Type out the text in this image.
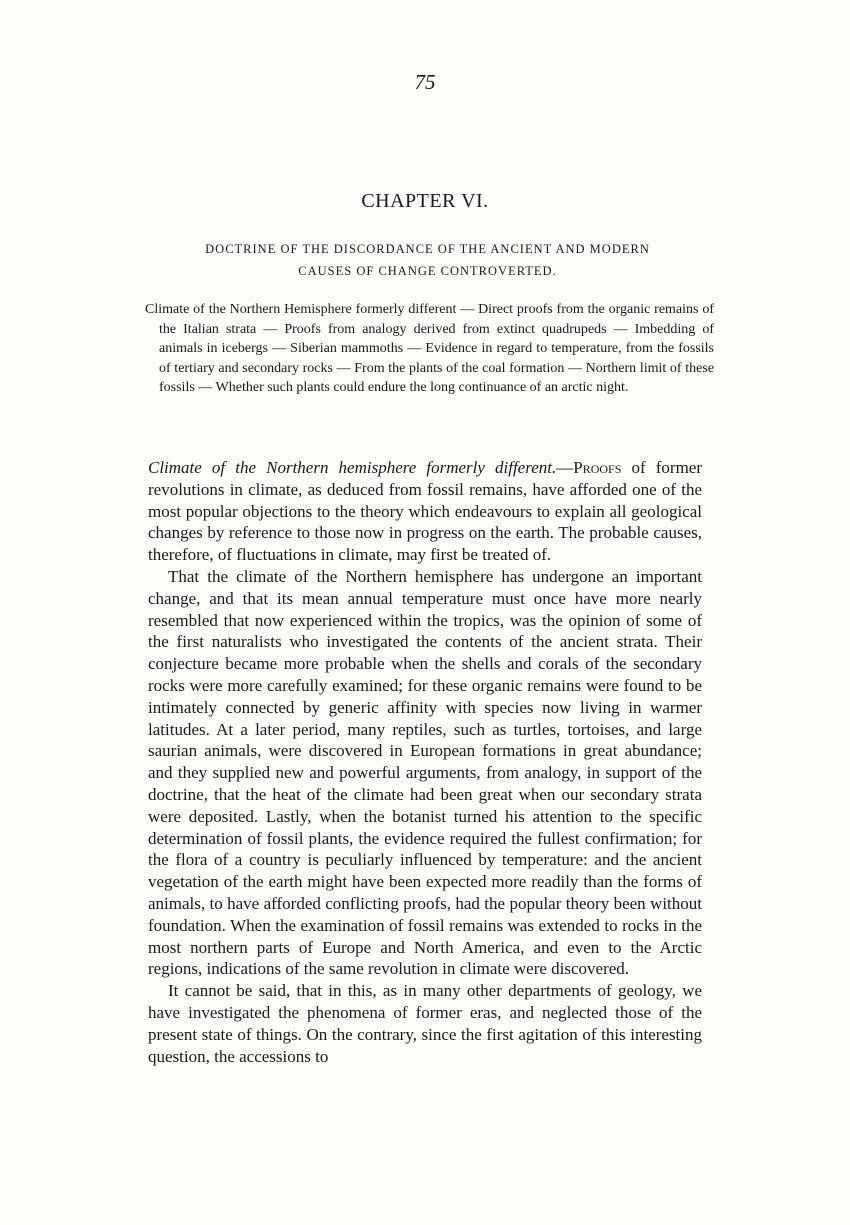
75
CHAPTER VI.
DOCTRINE OF THE DISCORDANCE OF THE ANCIENT AND MODERN
CAUSES OF CHANGE CONTROVERTED.
Climate of the Northern Hemisphere formerly different — Direct proofs from the organic remains of the Italian strata — Proofs from analogy derived from extinct quadrupeds — Imbedding of animals in icebergs — Siberian mammoths — Evidence in regard to temperature, from the fossils of tertiary and secondary rocks — From the plants of the coal formation — Northern limit of these fossils — Whether such plants could endure the long continuance of an arctic night.

Climate of the Northern hemisphere formerly different.—Proofs of former revolutions in climate, as deduced from fossil remains, have afforded one of the most popular objections to the theory which endeavours to explain all geological changes by reference to those now in progress on the earth. The probable causes, therefore, of fluctuations in climate, may first be treated of.

That the climate of the Northern hemisphere has undergone an important change, and that its mean annual temperature must once have more nearly resembled that now experienced within the tropics, was the opinion of some of the first naturalists who investigated the contents of the ancient strata. Their conjecture became more probable when the shells and corals of the secondary rocks were more carefully examined; for these organic remains were found to be intimately connected by generic affinity with species now living in warmer latitudes. At a later period, many reptiles, such as turtles, tortoises, and large saurian animals, were discovered in European formations in great abundance; and they supplied new and powerful arguments, from analogy, in support of the doctrine, that the heat of the climate had been great when our secondary strata were deposited. Lastly, when the botanist turned his attention to the specific determination of fossil plants, the evidence required the fullest confirmation; for the flora of a country is peculiarly influenced by temperature: and the ancient vegetation of the earth might have been expected more readily than the forms of animals, to have afforded conflicting proofs, had the popular theory been without foundation. When the examination of fossil remains was extended to rocks in the most northern parts of Europe and North America, and even to the Arctic regions, indications of the same revolution in climate were discovered.

It cannot be said, that in this, as in many other departments of geology, we have investigated the phenomena of former eras, and neglected those of the present state of things. On the contrary, since the first agitation of this interesting question, the accessions to
